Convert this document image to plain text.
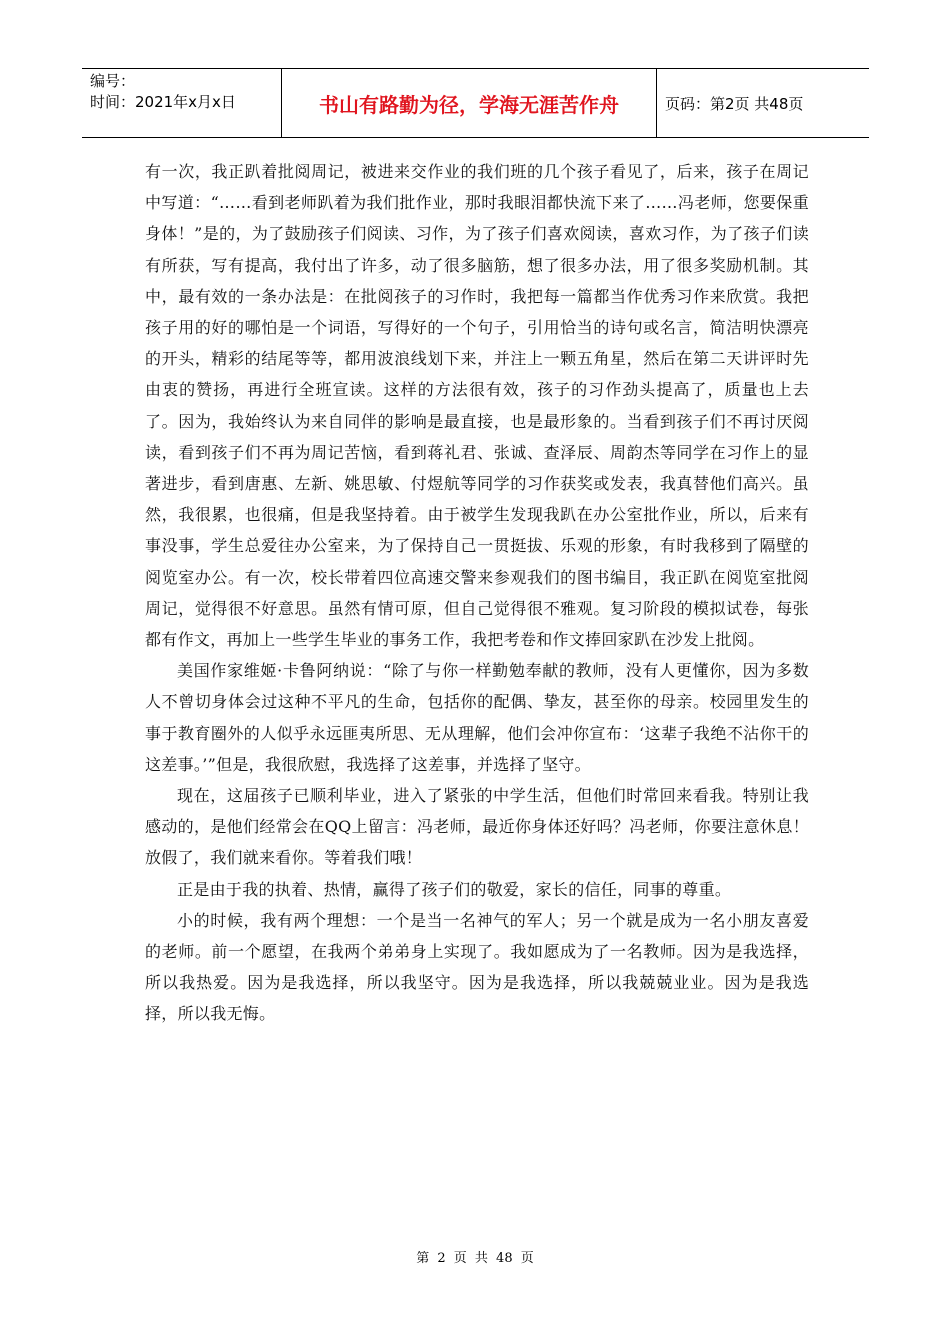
编号：
时间：2021年x月x日	书山有路勤为径，学海无涯苦作舟	页码：第2页 共48页

有一次，我正趴着批阅周记，被进来交作业的我们班的几个孩子看见了，后来，孩子在周记中写道：“……看到老师趴着为我们批作业，那时我眼泪都快流下来了……冯老师，您要保重身体！”是的，为了鼓励孩子们阅读、习作，为了孩子们喜欢阅读，喜欢习作，为了孩子们读有所获，写有提高，我付出了许多，动了很多脑筋，想了很多办法，用了很多奖励机制。其中，最有效的一条办法是：在批阅孩子的习作时，我把每一篇都当作优秀习作来欣赏。我把孩子用的好的哪怕是一个词语，写得好的一个句子，引用恰当的诗句或名言，简洁明快漂亮的开头，精彩的结尾等等，都用波浪线划下来，并注上一颗五角星，然后在第二天讲评时先由衷的赞扬，再进行全班宣读。这样的方法很有效，孩子的习作劲头提高了，质量也上去了。因为，我始终认为来自同伴的影响是最直接，也是最形象的。当看到孩子们不再讨厌阅读，看到孩子们不再为周记苦恼，看到蒋礼君、张诚、查泽辰、周韵杰等同学在习作上的显著进步，看到唐惠、左新、姚思敏、付煜航等同学的习作获奖或发表，我真替他们高兴。虽然，我很累，也很痛，但是我坚持着。由于被学生发现我趴在办公室批作业，所以，后来有事没事，学生总爱往办公室来，为了保持自己一贯挺拔、乐观的形象，有时我移到了隔壁的阅览室办公。有一次，校长带着四位高速交警来参观我们的图书编目，我正趴在阅览室批阅周记，觉得很不好意思。虽然有情可原，但自己觉得很不雅观。复习阶段的模拟试卷，每张都有作文，再加上一些学生毕业的事务工作，我把考卷和作文捧回家趴在沙发上批阅。

美国作家维姬·卡鲁阿纳说：“除了与你一样勤勉奉献的教师，没有人更懂你，因为多数人不曾切身体会过这种不平凡的生命，包括你的配偶、挚友，甚至你的母亲。校园里发生的事于教育圈外的人似乎永远匪夷所思、无从理解，他们会冲你宣布：‘这辈子我绝不沾你干的这差事。’”但是，我很欣慰，我选择了这差事，并选择了坚守。

现在，这届孩子已顺利毕业，进入了紧张的中学生活，但他们时常回来看我。特别让我感动的，是他们经常会在QQ上留言：冯老师，最近你身体还好吗？冯老师，你要注意休息！放假了，我们就来看你。等着我们哦！

正是由于我的执着、热情，赢得了孩子们的敬爱，家长的信任，同事的尊重。

小的时候，我有两个理想：一个是当一名神气的军人；另一个就是成为一名小朋友喜爱的老师。前一个愿望，在我两个弟弟身上实现了。我如愿成为了一名教师。因为是我选择，所以我热爱。因为是我选择，所以我坚守。因为是我选择，所以我兢兢业业。因为是我选择，所以我无悔。

第 2 页 共 48 页
